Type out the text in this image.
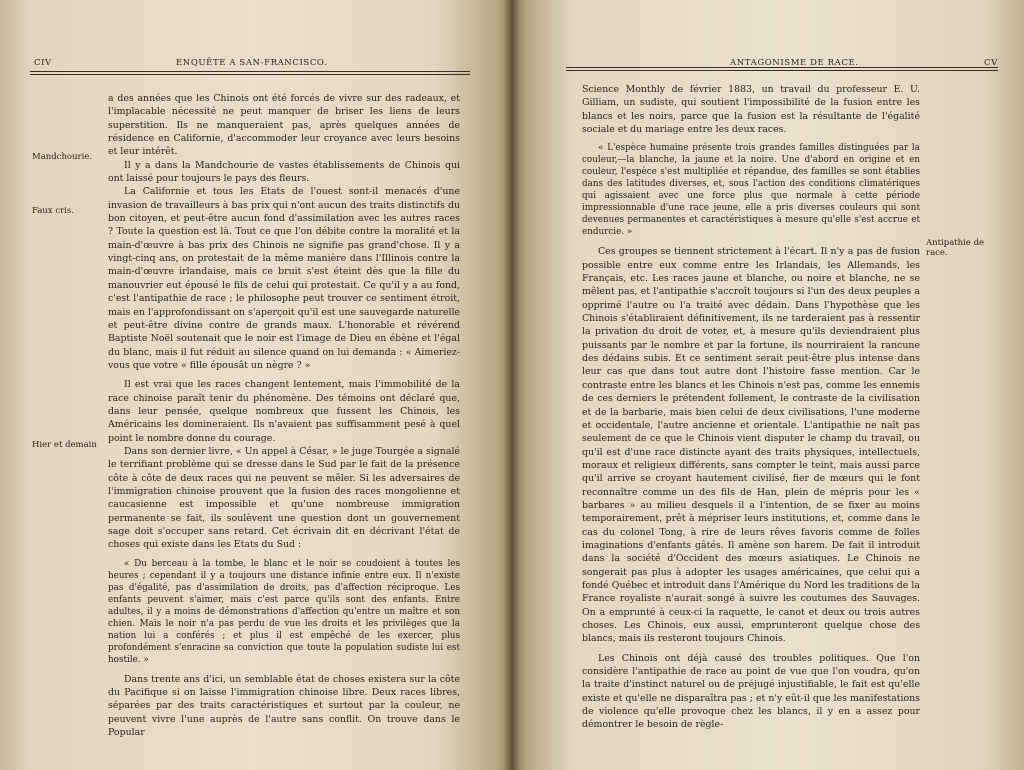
CIV	ENQUÊTE A SAN-FRANCISCO.
Mandchourie.
Faux cris.
Hier et demain

a des années que les Chinois ont été forcés de vivre sur des radeaux, et l'implacable nécessité ne peut manquer de briser les liens de leurs superstition. Ils ne manqueraient pas, après quelques années de résidence en Californie, d'accommoder leur croyance avec leurs besoins et leur intérêt.

Il y a dans la Mandchourie de vastes établissements de Chinois qui ont laissé pour toujours le pays des fleurs.

La Californie et tous les Etats de l'ouest sont-il menacés d'une invasion de travailleurs à bas prix qui n'ont aucun des traits distinctifs du bon citoyen, et peut-être aucun fond d'assimilation avec les autres races ? Toute la question est là. Tout ce que l'on débite contre la moralité et la main-d'œuvre à bas prix des Chinois ne signifie pas grand'chose. Il y a vingt-cinq ans, on protestait de la même manière dans l'Illinois contre la main-d'œuvre irlandaise, mais ce bruit s'est éteint dès que la fille du manouvrier eut épousé le fils de celui qui protestait. Ce qu'il y a au fond, c'est l'antipathie de race ; le philosophe peut trouver ce sentiment étroit, mais en l'approfondissant on s'aperçoit qu'il est une sauvegarde naturelle et peut-être divine contre de grands maux. L'honorable et révérend Baptiste Noël soutenait que le noir est l'image de Dieu en ébène et l'égal du blanc, mais il fut réduit au silence quand on lui demanda : « Aimeriez-vous que votre « fille épousât un nègre ? »

Il est vrai que les races changent lentement, mais l'immobilité de la race chinoise paraît tenir du phénomène. Des témoins ont déclaré que, dans leur pensée, quelque nombreux que fussent les Chinois, les Américains les domineraient. Ils n'avaient pas suffisamment pesé à quel point le nombre donne du courage.

Dans son dernier livre, « Un appel à César, » le juge Tourgée a signalé le terrifiant problème qui se dresse dans le Sud par le fait de la présence côte à côte de deux races qui ne peuvent se mêler. Si les adversaires de l'immigration chinoise prouvent que la fusion des races mongolienne et caucasienne est impossible et qu'une nombreuse immigration permanente se fait, ils soulèvent une question dont un gouvernement sage doit s'occuper sans retard. Cet écrivain dit en décrivant l'état de choses qui existe dans les Etats du Sud :

« Du berceau à la tombe, le blanc et le noir se coudoient à toutes les heures ; cependant il y a toujours une distance infinie entre eux. Il n'existe pas d'égalité, pas d'assimilation de droits, pas d'affection réciproque. Les enfants peuvent s'aimer, mais c'est parce qu'ils sont des enfants. Entre adultes, il y a moins de démonstrations d'affection qu'entre un maître et son chien. Mais le noir n'a pas perdu de vue les droits et les privilèges que la nation lui a conférés ; et plus il est empêché de les exercer, plus profondément s'enracine sa conviction que toute la population sudiste lui est hostile. »

Dans trente ans d'ici, un semblable état de choses existera sur la côte du Pacifique si on laisse l'immigration chinoise libre. Deux races libres, séparées par des traits caractéristiques et surtout par la couleur, ne peuvent vivre l'une auprès de l'autre sans conflit. On trouve dans le Popular

ANTAGONISME DE RACE.	CV
Antipathie de race.

Science Monthly de février 1883, un travail du professeur E. U. Gilliam, un sudiste, qui soutient l'impossibilité de la fusion entre les blancs et les noirs, parce que la fusion est la résultante de l'égalité sociale et du mariage entre les deux races.

« L'espèce humaine présente trois grandes familles distinguées par la couleur,—la blanche, la jaune et la noire. Une d'abord en origine et en couleur, l'espèce s'est multipliée et répandue, des familles se sont établies dans des latitudes diverses, et, sous l'action des conditions climatériques qui agissaient avec une force plus que normale à cette période impressionnable d'une race jeune, elle a pris diverses couleurs qui sont devenues permanentes et caractéristiques à mesure qu'elle s'est accrue et endurcie. »

Ces groupes se tiennent strictement à l'écart. Il n'y a pas de fusion possible entre eux comme entre les Irlandais, les Allemands, les Français, etc. Les races jaune et blanche, ou noire et blanche, ne se mêlent pas, et l'antipathie s'accroît toujours si l'un des deux peuples a opprimé l'autre ou l'a traité avec dédain. Dans l'hypothèse que les Chinois s'établiraient définitivement, ils ne tarderaient pas à ressentir la privation du droit de voter, et, à mesure qu'ils deviendraient plus puissants par le nombre et par la fortune, ils nourriraient la rancune des dédains subis. Et ce sentiment serait peut-être plus intense dans leur cas que dans tout autre dont l'histoire fasse mention. Car le contraste entre les blancs et les Chinois n'est pas, comme les ennemis de ces derniers le prétendent follement, le contraste de la civilisation et de la barbarie, mais bien celui de deux civilisations, l'une moderne et occidentale, l'autre ancienne et orientale. L'antipathie ne naît pas seulement de ce que le Chinois vient disputer le champ du travail, ou qu'il est d'une race distincte ayant des traits physiques, intellectuels, moraux et religieux différents, sans compter le teint, mais aussi parce qu'il arrive se croyant hautement civilisé, fier de mœurs qui le font reconnaître comme un des fils de Han, plein de mépris pour les « barbares » au milieu desquels il a l'intention, de se fixer au moins temporairement, prêt à mépriser leurs institutions, et, comme dans le cas du colonel Tong, à rire de leurs rêves favoris comme de folles imaginations d'enfants gâtés. Il amène son harem. De fait il introduit dans la société d'Occident des mœurs asiatiques. Le Chinois ne songerait pas plus à adopter les usages américaines, que celui qui a fondé Québec et introduit dans l'Amérique du Nord les traditions de la France royaliste n'aurait songé à suivre les coutumes des Sauvages. On a emprunté à ceux-ci la raquette, le canot et deux ou trois autres choses. Les Chinois, eux aussi, emprunteront quelque chose des blancs, mais ils resteront toujours Chinois.

Les Chinois ont déjà causé des troubles politiques. Que l'on considère l'antipathie de race au point de vue que l'on voudra, qu'on la traite d'instinct naturel ou de préjugé injustifiable, le fait est qu'elle existe et qu'elle ne disparaîtra pas ; et n'y eût-il que les manifestations de violence qu'elle provoque chez les blancs, il y en a assez pour démontrer le besoin de règle-
